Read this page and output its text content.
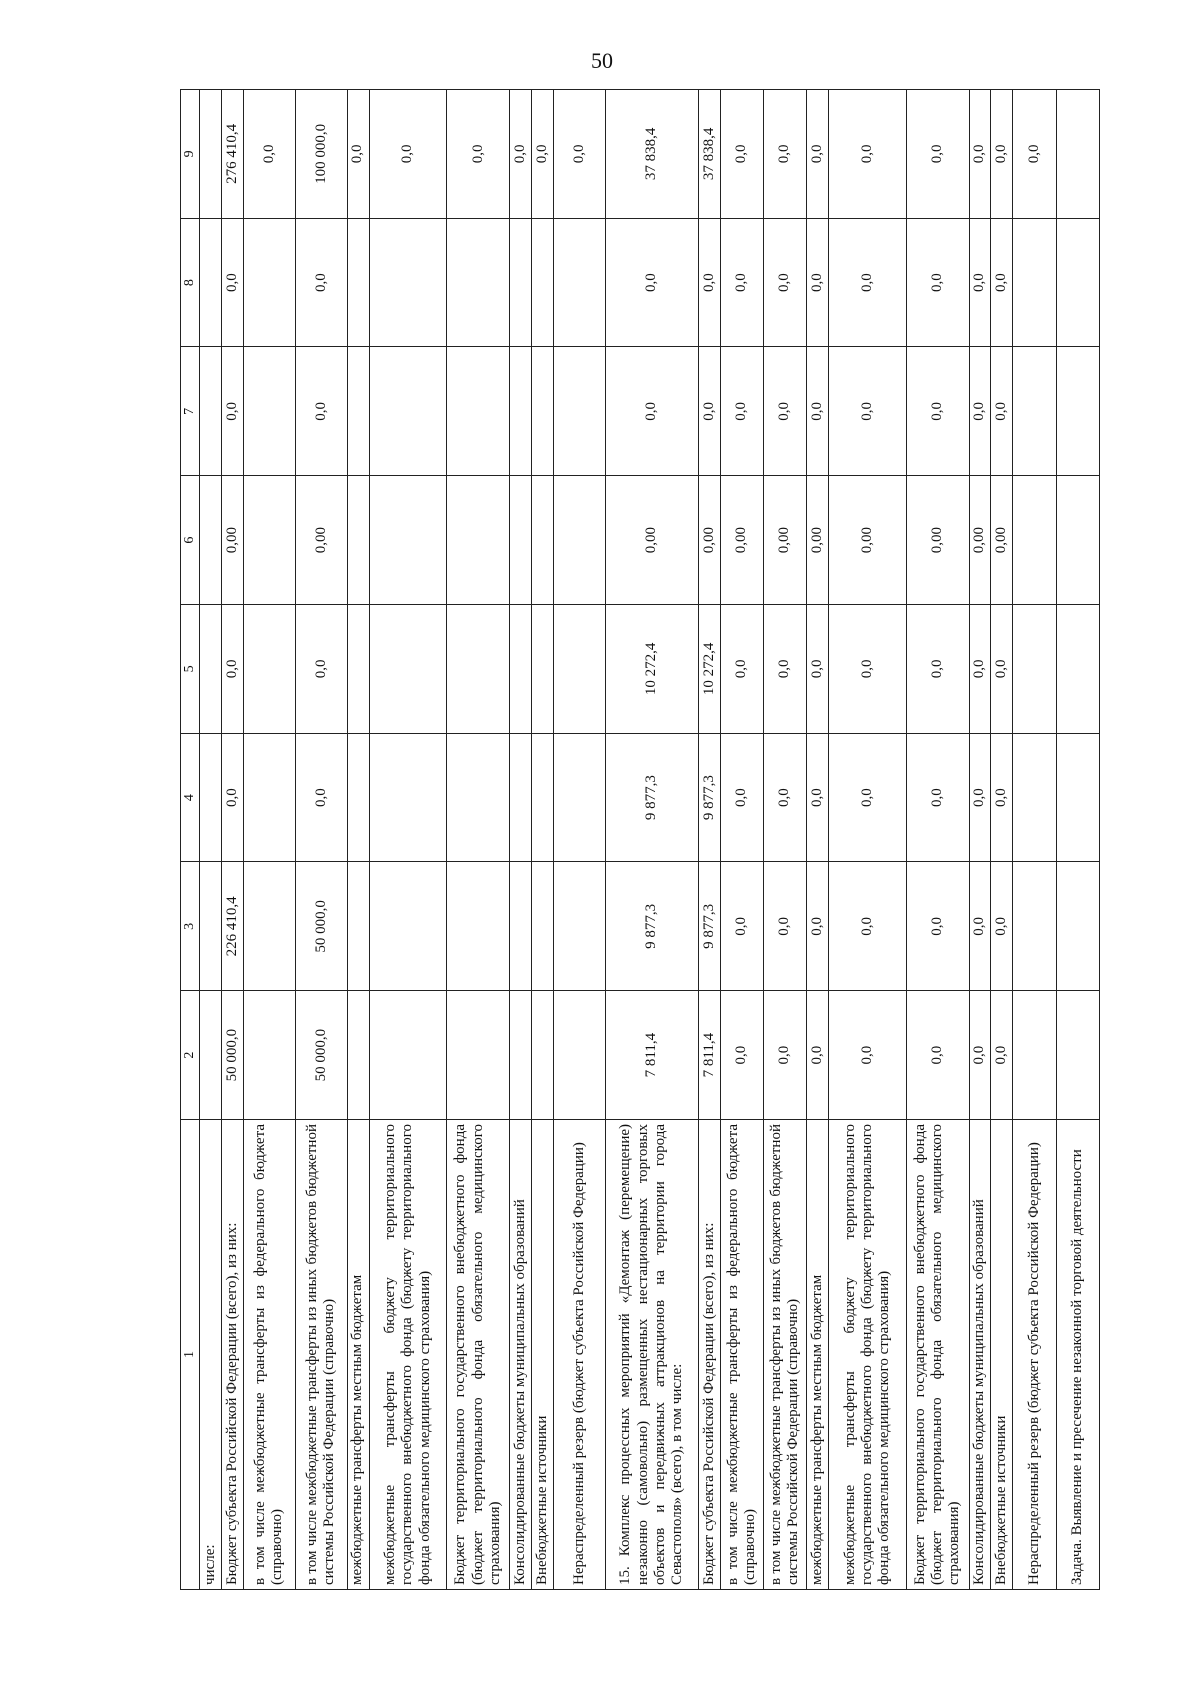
50
1	2	3	4	5	6	7	8	9
числе:								
Бюджет субъекта Российской Федерации (всего), из них:	50 000,0	226 410,4	0,0	0,0	0,00	0,0	0,0	276 410,4
в том числе межбюджетные трансферты из федерального бюджета (справочно)								0,0
в том числе межбюджетные трансферты из иных бюджетов бюджетной системы Российской Федерации (справочно)	50 000,0	50 000,0	0,0	0,0	0,00	0,0	0,0	100 000,0
межбюджетные трансферты местным бюджетам								0,0
межбюджетные трансферты бюджету территориального государственного внебюджетного фонда (бюджету территориального фонда обязательного медицинского страхования)								0,0
Бюджет территориального государственного внебюджетного фонда (бюджет территориального фонда обязательного медицинского страхования)								0,0
Консолидированные бюджеты муниципальных образований								0,0
Внебюджетные источники								0,0
Нераспределенный резерв (бюджет субъекта Российской Федерации)								0,0
15. Комплекс процессных мероприятий «Демонтаж (перемещение) незаконно (самовольно) размещенных нестационарных торговых объектов и передвижных аттракционов на территории города Севастополя» (всего), в том числе:	7 811,4	9 877,3	9 877,3	10 272,4	0,00	0,0	0,0	37 838,4
Бюджет субъекта Российской Федерации (всего), из них:	7 811,4	9 877,3	9 877,3	10 272,4	0,00	0,0	0,0	37 838,4
в том числе межбюджетные трансферты из федерального бюджета (справочно)	0,0	0,0	0,0	0,0	0,00	0,0	0,0	0,0
в том числе межбюджетные трансферты из иных бюджетов бюджетной системы Российской Федерации (справочно)	0,0	0,0	0,0	0,0	0,00	0,0	0,0	0,0
межбюджетные трансферты местным бюджетам	0,0	0,0	0,0	0,0	0,00	0,0	0,0	0,0
межбюджетные трансферты бюджету территориального государственного внебюджетного фонда (бюджету территориального фонда обязательного медицинского страхования)	0,0	0,0	0,0	0,0	0,00	0,0	0,0	0,0
Бюджет территориального государственного внебюджетного фонда (бюджет территориального фонда обязательного медицинского страхования)	0,0	0,0	0,0	0,0	0,00	0,0	0,0	0,0
Консолидированные бюджеты муниципальных образований	0,0	0,0	0,0	0,0	0,00	0,0	0,0	0,0
Внебюджетные источники	0,0	0,0	0,0	0,0	0,00	0,0	0,0	0,0
Нераспределенный резерв (бюджет субъекта Российской Федерации)								0,0
Задача. Выявление и пресечение незаконной торговой деятельности								
